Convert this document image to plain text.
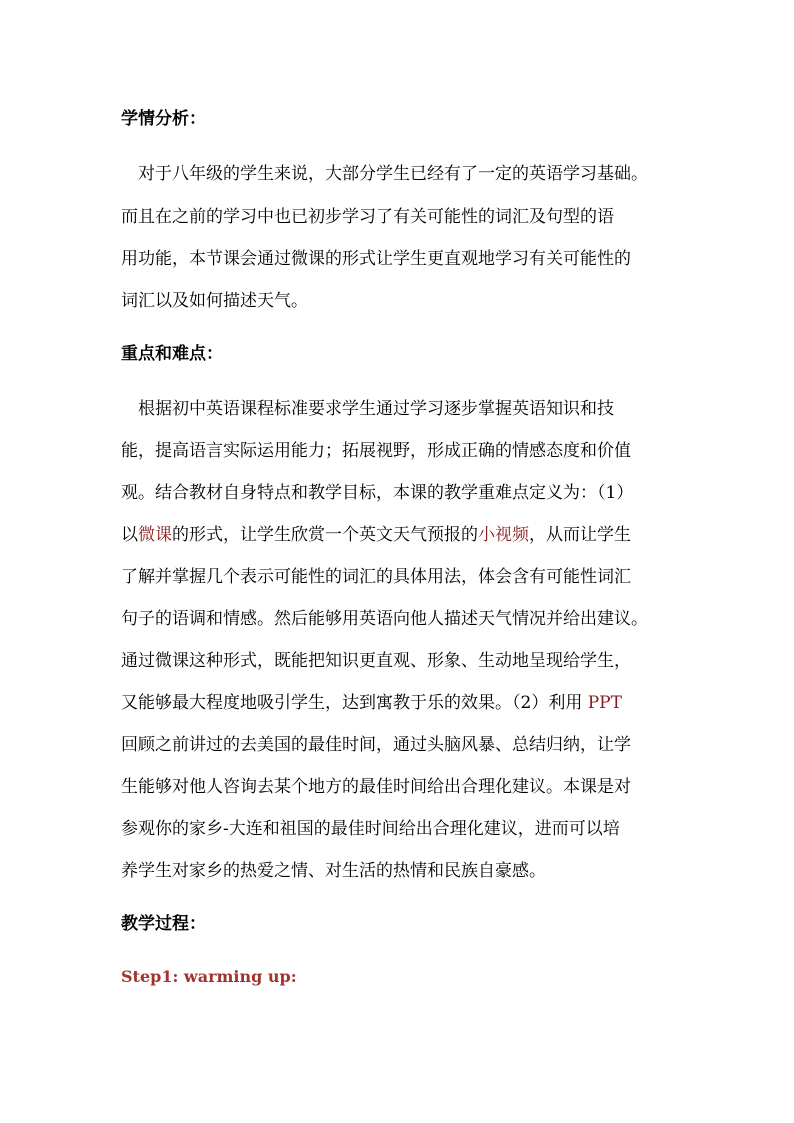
学情分析：
对于八年级的学生来说，大部分学生已经有了一定的英语学习基础。
而且在之前的学习中也已初步学习了有关可能性的词汇及句型的语
用功能，本节课会通过微课的形式让学生更直观地学习有关可能性的
词汇以及如何描述天气。
重点和难点：
根据初中英语课程标准要求学生通过学习逐步掌握英语知识和技
能，提高语言实际运用能力；拓展视野，形成正确的情感态度和价值
观。结合教材自身特点和教学目标，本课的教学重难点定义为：（1）
以微课的形式，让学生欣赏一个英文天气预报的小视频，从而让学生
了解并掌握几个表示可能性的词汇的具体用法，体会含有可能性词汇
句子的语调和情感。然后能够用英语向他人描述天气情况并给出建议。
通过微课这种形式，既能把知识更直观、形象、生动地呈现给学生，
又能够最大程度地吸引学生，达到寓教于乐的效果。（2）利用 PPT
回顾之前讲过的去美国的最佳时间，通过头脑风暴、总结归纳，让学
生能够对他人咨询去某个地方的最佳时间给出合理化建议。本课是对
参观你的家乡-大连和祖国的最佳时间给出合理化建议，进而可以培
养学生对家乡的热爱之情、对生活的热情和民族自豪感。
教学过程：
Step1: warming up:
